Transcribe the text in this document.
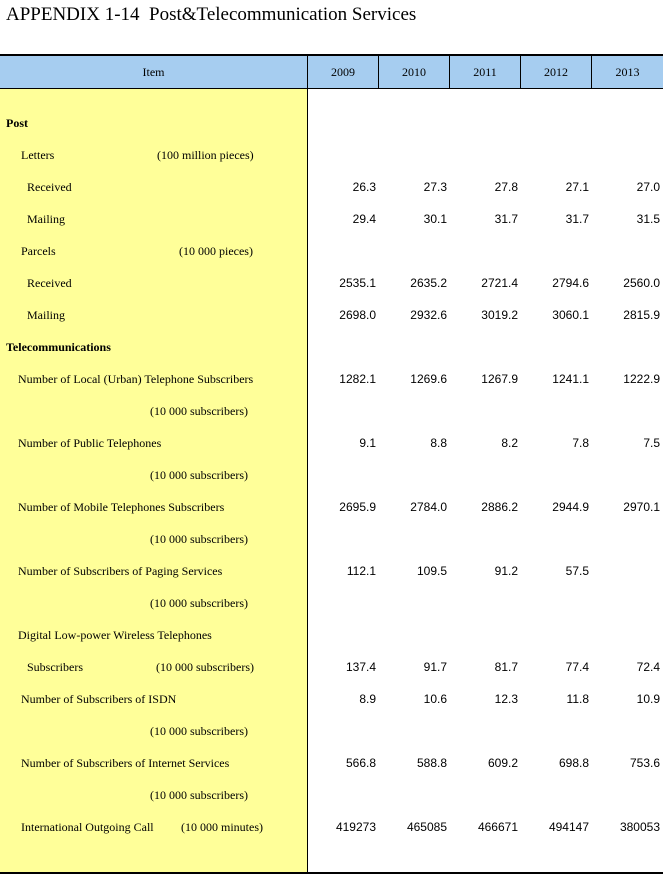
APPENDIX 1-14  Post&Telecommunication Services
Item	2009	2010	2011	2012	2013
Post
Letters	(100 million pieces)
Received	26.3	27.3	27.8	27.1	27.0
Mailing	29.4	30.1	31.7	31.7	31.5
Parcels	(10 000 pieces)
Received	2535.1	2635.2	2721.4	2794.6	2560.0
Mailing	2698.0	2932.6	3019.2	3060.1	2815.9
Telecommunications
Number of Local (Urban) Telephone Subscribers	1282.1	1269.6	1267.9	1241.1	1222.9
(10 000 subscribers)
Number of Public Telephones	9.1	8.8	8.2	7.8	7.5
(10 000 subscribers)
Number of Mobile Telephones Subscribers	2695.9	2784.0	2886.2	2944.9	2970.1
(10 000 subscribers)
Number of Subscribers of Paging Services	112.1	109.5	91.2	57.5
(10 000 subscribers)
Digital Low-power Wireless Telephones
Subscribers	(10 000 subscribers)	137.4	91.7	81.7	77.4	72.4
Number of Subscribers of ISDN	8.9	10.6	12.3	11.8	10.9
(10 000 subscribers)
Number of Subscribers of Internet Services	566.8	588.8	609.2	698.8	753.6
(10 000 subscribers)
International Outgoing Call (10 000 minutes)	419273	465085	466671	494147	380053
